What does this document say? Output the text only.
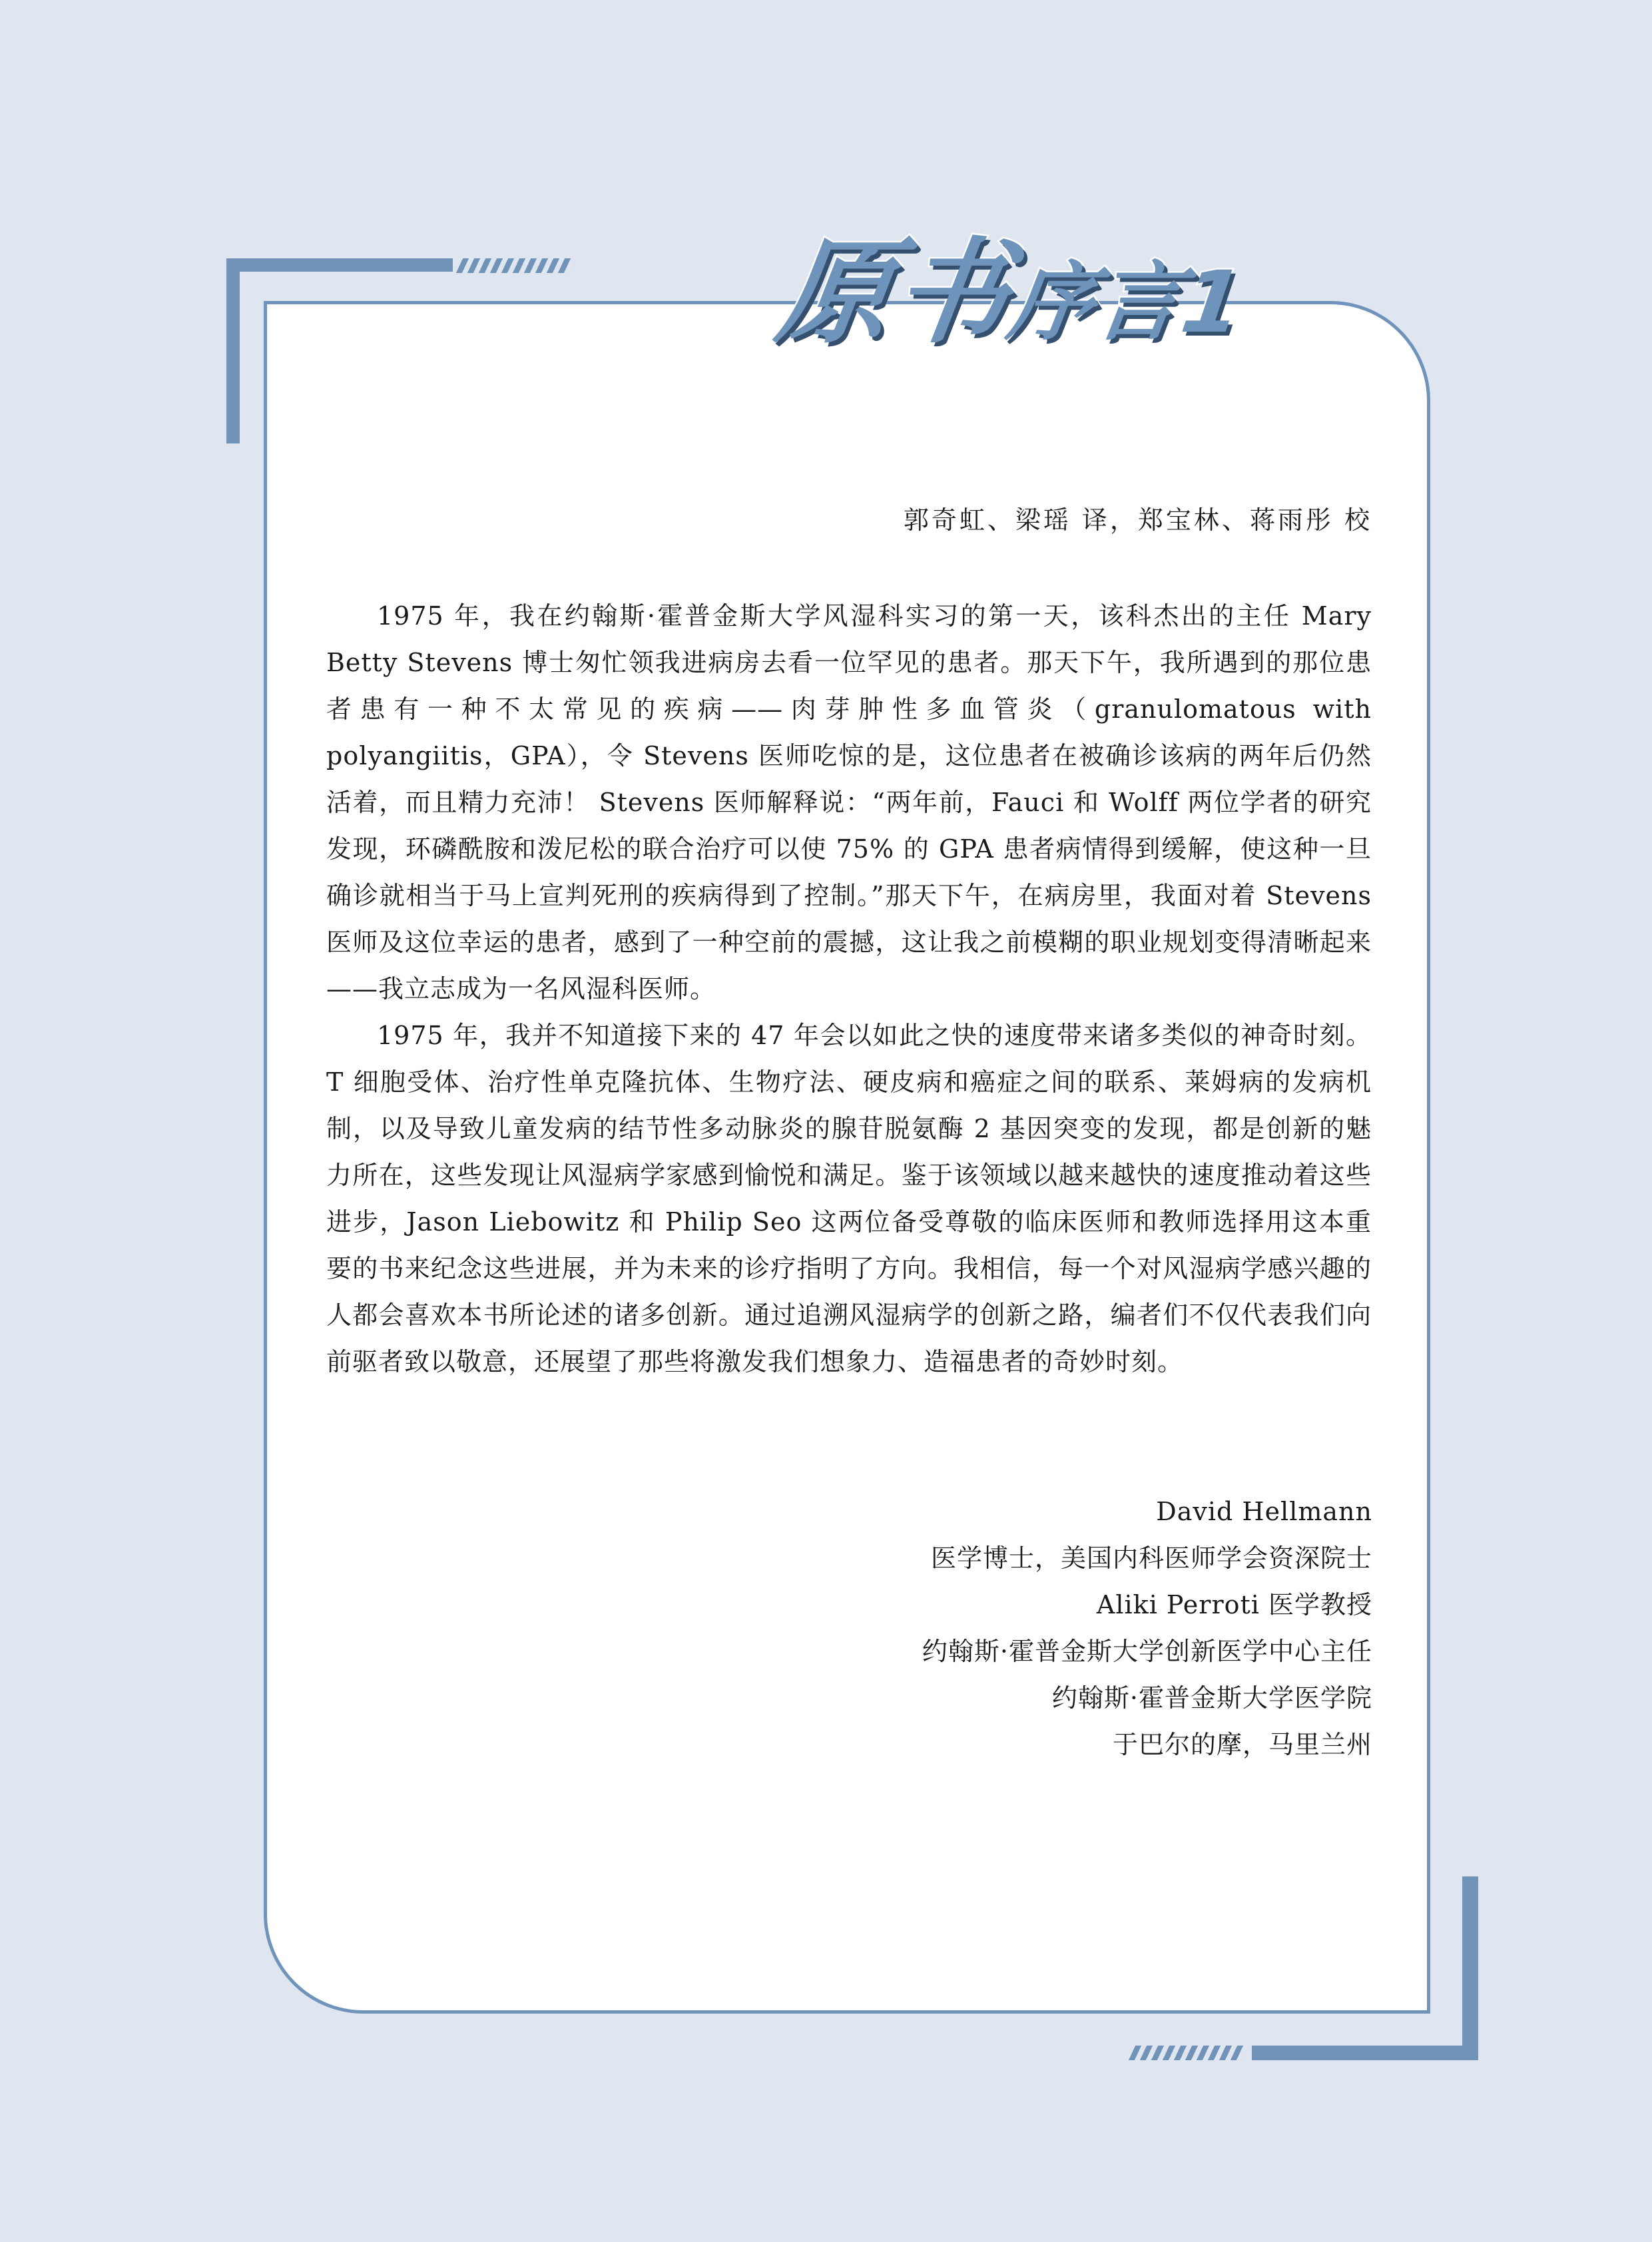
原书序言1
郭奇虹、梁瑶 译，郑宝林、蒋雨彤 校

1975 年，我在约翰斯·霍普金斯大学风湿科实习的第一天，该科杰出的主任 Mary Betty Stevens 博士匆忙领我进病房去看一位罕见的患者。那天下午，我所遇到的那位患者患有一种不太常见的疾病——肉芽肿性多血管炎（granulomatous with polyangiitis，GPA），令 Stevens 医师吃惊的是，这位患者在被确诊该病的两年后仍然活着，而且精力充沛！ Stevens 医师解释说：“两年前，Fauci 和 Wolff 两位学者的研究发现，环磷酰胺和泼尼松的联合治疗可以使 75% 的 GPA 患者病情得到缓解，使这种一旦确诊就相当于马上宣判死刑的疾病得到了控制。”那天下午，在病房里，我面对着 Stevens 医师及这位幸运的患者，感到了一种空前的震撼，这让我之前模糊的职业规划变得清晰起来——我立志成为一名风湿科医师。

1975 年，我并不知道接下来的 47 年会以如此之快的速度带来诸多类似的神奇时刻。T 细胞受体、治疗性单克隆抗体、生物疗法、硬皮病和癌症之间的联系、莱姆病的发病机制，以及导致儿童发病的结节性多动脉炎的腺苷脱氨酶 2 基因突变的发现，都是创新的魅力所在，这些发现让风湿病学家感到愉悦和满足。鉴于该领域以越来越快的速度推动着这些进步，Jason Liebowitz 和 Philip Seo 这两位备受尊敬的临床医师和教师选择用这本重要的书来纪念这些进展，并为未来的诊疗指明了方向。我相信，每一个对风湿病学感兴趣的人都会喜欢本书所论述的诸多创新。通过追溯风湿病学的创新之路，编者们不仅代表我们向前驱者致以敬意，还展望了那些将激发我们想象力、造福患者的奇妙时刻。

David Hellmann
医学博士，美国内科医师学会资深院士
Aliki Perroti 医学教授
约翰斯·霍普金斯大学创新医学中心主任
约翰斯·霍普金斯大学医学院
于巴尔的摩，马里兰州
